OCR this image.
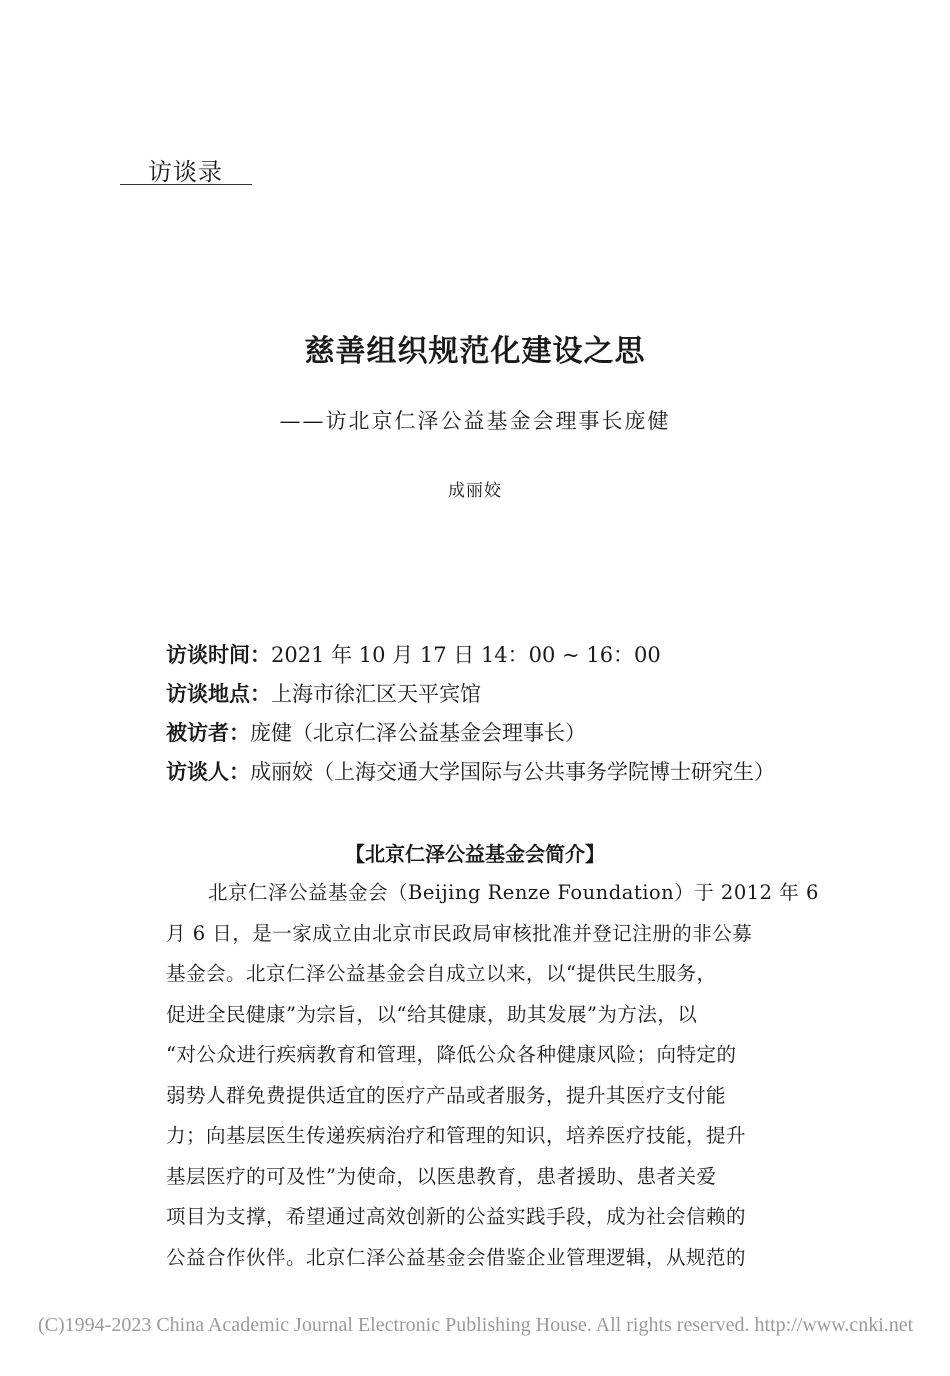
访谈录
慈善组织规范化建设之思
——访北京仁泽公益基金会理事长庞健
成丽姣
访谈时间：2021 年 10 月 17 日 14：00 ~ 16：00
访谈地点：上海市徐汇区天平宾馆
被访者：庞健（北京仁泽公益基金会理事长）
访谈人：成丽姣（上海交通大学国际与公共事务学院博士研究生）
【北京仁泽公益基金会简介】
北京仁泽公益基金会（Beijing Renze Foundation）于 2012 年 6
月 6 日，是一家成立由北京市民政局审核批准并登记注册的非公募
基金会。北京仁泽公益基金会自成立以来，以“提供民生服务，
促进全民健康”为宗旨，以“给其健康，助其发展”为方法，以
“对公众进行疾病教育和管理，降低公众各种健康风险；向特定的
弱势人群免费提供适宜的医疗产品或者服务，提升其医疗支付能
力；向基层医生传递疾病治疗和管理的知识，培养医疗技能，提升
基层医疗的可及性”为使命，以医患教育，患者援助、患者关爱
项目为支撑，希望通过高效创新的公益实践手段，成为社会信赖的
公益合作伙伴。北京仁泽公益基金会借鉴企业管理逻辑，从规范的
(C)1994-2023 China Academic Journal Electronic Publishing House. All rights reserved. http://www.cnki.net
